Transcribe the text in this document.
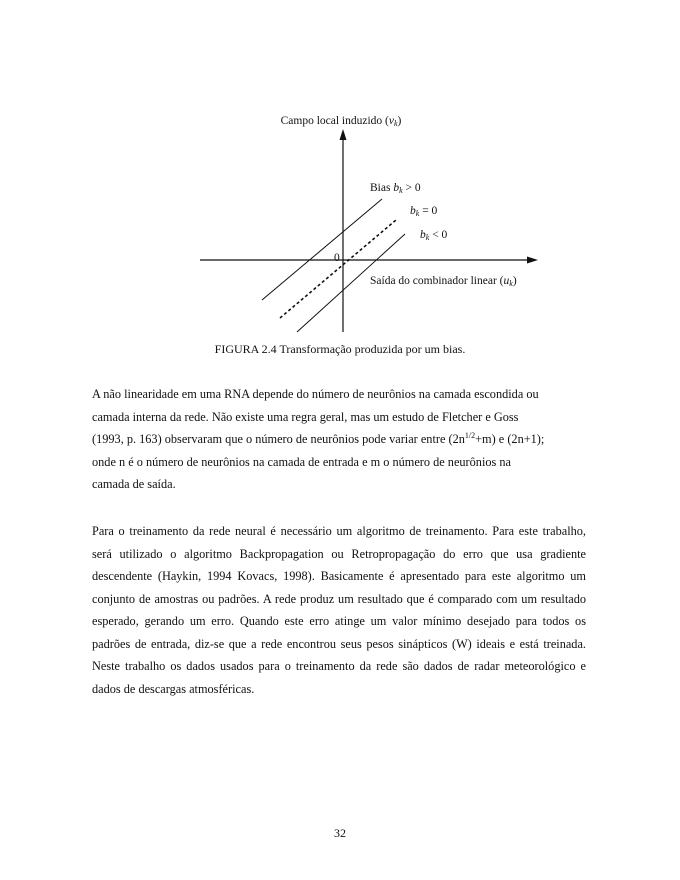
Campo local induzido (vk)
Bias bk > 0
bk = 0
bk < 0
0
Saída do combinador linear (uk)
FIGURA 2.4 Transformação produzida por um bias.

A não linearidade em uma RNA depende do número de neurônios na camada escondida ou
camada interna da rede. Não existe uma regra geral, mas um estudo de Fletcher e Goss
(1993, p. 163) observaram que o número de neurônios pode variar entre $(2n^{1/2}+m)$ e (2n+1);
onde n é o número de neurônios na camada de entrada e m o número de neurônios na
camada de saída.

Para o treinamento da rede neural é necessário um algoritmo de treinamento. Para este trabalho, será utilizado o algoritmo Backpropagation ou Retropropagação do erro que usa gradiente descendente (Haykin, 1994 Kovacs, 1998). Basicamente é apresentado para este algoritmo um conjunto de amostras ou padrões. A rede produz um resultado que é comparado com um resultado esperado, gerando um erro. Quando este erro atinge um valor mínimo desejado para todos os padrões de entrada, diz-se que a rede encontrou seus pesos sinápticos (W) ideais e está treinada. Neste trabalho os dados usados para o treinamento da rede são dados de radar meteorológico e dados de descargas atmosféricas.

32
